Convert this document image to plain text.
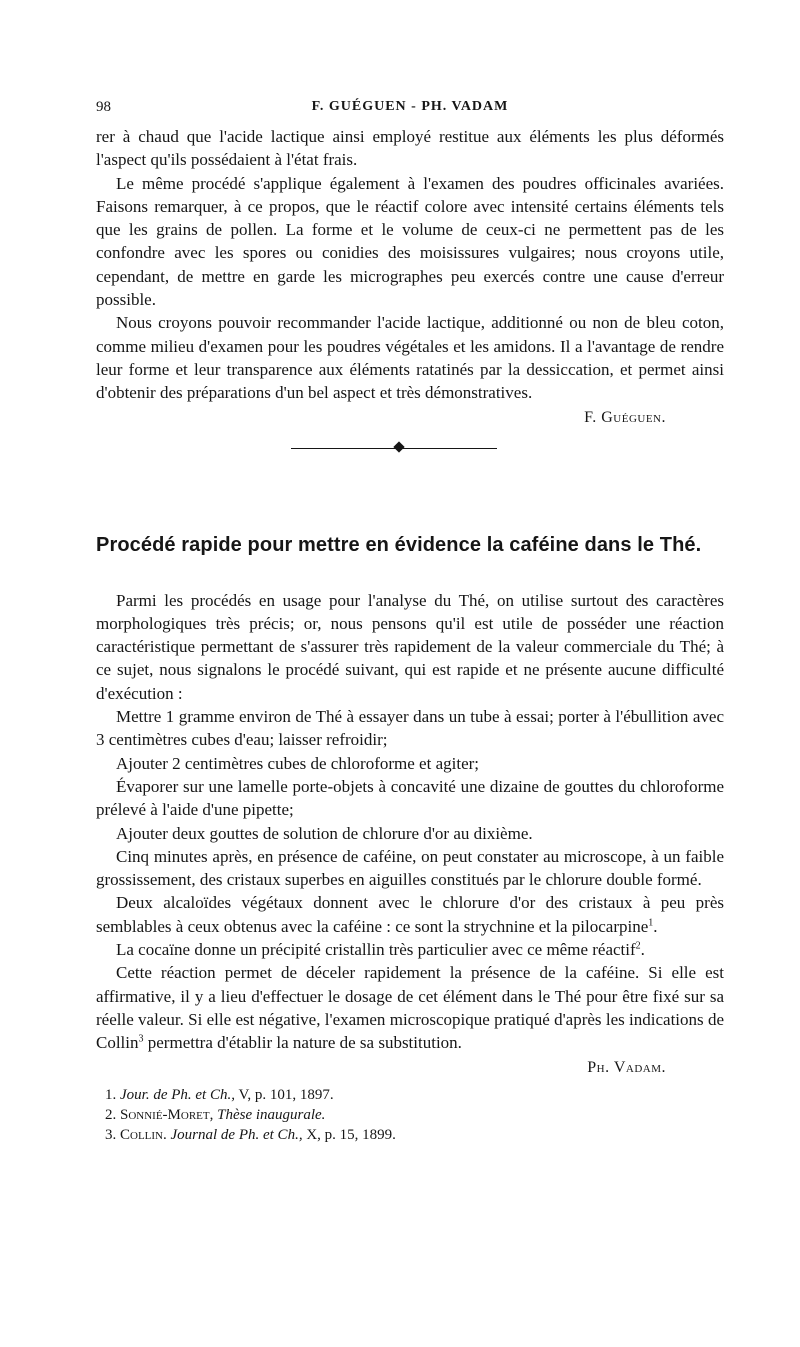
98	F. GUÉGUEN - PH. VADAM

rer à chaud que l'acide lactique ainsi employé restitue aux éléments les plus déformés l'aspect qu'ils possédaient à l'état frais.

Le même procédé s'applique également à l'examen des poudres officinales avariées. Faisons remarquer, à ce propos, que le réactif colore avec intensité certains éléments tels que les grains de pollen. La forme et le volume de ceux-ci ne permettent pas de les confondre avec les spores ou conidies des moisissures vulgaires; nous croyons utile, cependant, de mettre en garde les micrographes peu exercés contre une cause d'erreur possible.

Nous croyons pouvoir recommander l'acide lactique, additionné ou non de bleu coton, comme milieu d'examen pour les poudres végétales et les amidons. Il a l'avantage de rendre leur forme et leur transparence aux éléments ratatinés par la dessiccation, et permet ainsi d'obtenir des préparations d'un bel aspect et très démonstratives.

F. Guéguen.

Procédé rapide pour mettre en évidence la caféine dans le Thé.

Parmi les procédés en usage pour l'analyse du Thé, on utilise surtout des caractères morphologiques très précis; or, nous pensons qu'il est utile de posséder une réaction caractéristique permettant de s'assurer très rapidement de la valeur commerciale du Thé; à ce sujet, nous signalons le procédé suivant, qui est rapide et ne présente aucune difficulté d'exécution :

Mettre 1 gramme environ de Thé à essayer dans un tube à essai; porter à l'ébullition avec 3 centimètres cubes d'eau; laisser refroidir;

Ajouter 2 centimètres cubes de chloroforme et agiter;

Évaporer sur une lamelle porte-objets à concavité une dizaine de gouttes du chloroforme prélevé à l'aide d'une pipette;

Ajouter deux gouttes de solution de chlorure d'or au dixième.

Cinq minutes après, en présence de caféine, on peut constater au microscope, à un faible grossissement, des cristaux superbes en aiguilles constitués par le chlorure double formé.

Deux alcaloïdes végétaux donnent avec le chlorure d'or des cristaux à peu près semblables à ceux obtenus avec la caféine : ce sont la strychnine et la pilocarpine$^1$.

La cocaïne donne un précipité cristallin très particulier avec ce même réactif$^2$.

Cette réaction permet de déceler rapidement la présence de la caféine. Si elle est affirmative, il y a lieu d'effectuer le dosage de cet élément dans le Thé pour être fixé sur sa réelle valeur. Si elle est négative, l'examen microscopique pratiqué d'après les indications de Collin$^3$ permettra d'établir la nature de sa substitution.

Ph. Vadam.

1. Jour. de Ph. et Ch., V, p. 101, 1897.

2. Sonnié-Moret, Thèse inaugurale.

3. Collin. Journal de Ph. et Ch., X, p. 15, 1899.
